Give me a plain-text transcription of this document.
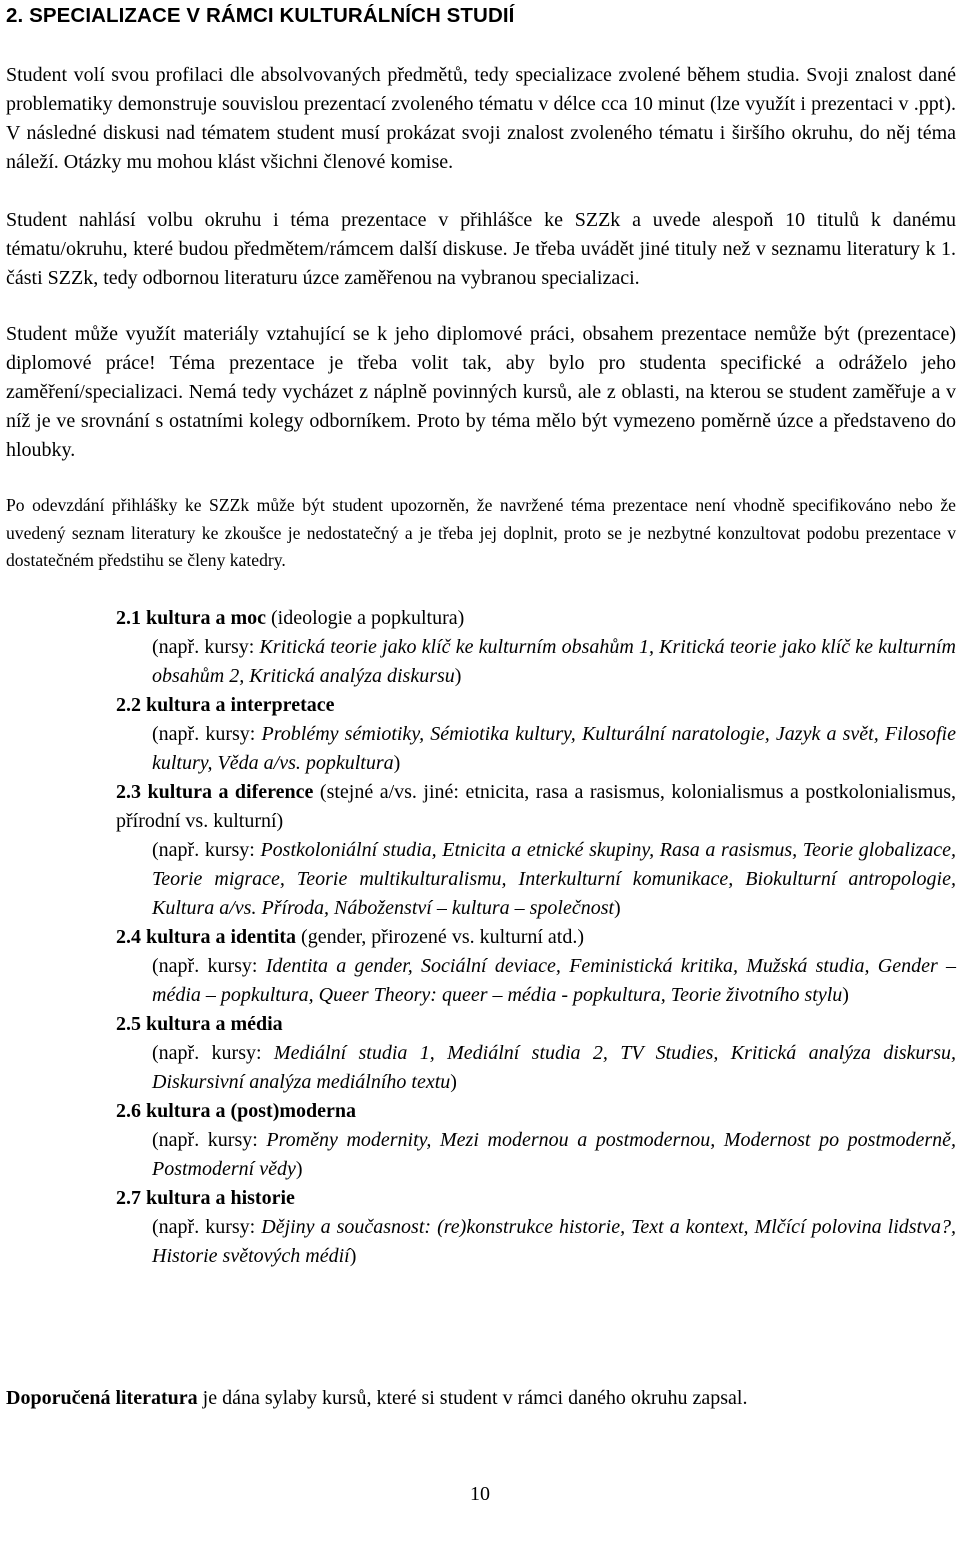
2. SPECIALIZACE V RÁMCI KULTURÁLNÍCH STUDIÍ

Student volí svou profilaci dle absolvovaných předmětů, tedy specializace zvolené během studia. Svoji znalost dané problematiky demonstruje souvislou prezentací zvoleného tématu v délce cca 10 minut (lze využít i prezentaci v .ppt). V následné diskusi nad tématem student musí prokázat svoji znalost zvoleného tématu i širšího okruhu, do něj téma náleží. Otázky mu mohou klást všichni členové komise.

Student nahlásí volbu okruhu i téma prezentace v přihlášce ke SZZk a uvede alespoň 10 titulů k danému tématu/okruhu, které budou předmětem/rámcem další diskuse. Je třeba uvádět jiné tituly než v seznamu literatury k 1. části SZZk, tedy odbornou literaturu úzce zaměřenou na vybranou specializaci.

Student může využít materiály vztahující se k jeho diplomové práci, obsahem prezentace nemůže být (prezentace) diplomové práce! Téma prezentace je třeba volit tak, aby bylo pro studenta specifické a odráželo jeho zaměření/specializaci. Nemá tedy vycházet z náplně povinných kursů, ale z oblasti, na kterou se student zaměřuje a v níž je ve srovnání s ostatními kolegy odborníkem. Proto by téma mělo být vymezeno poměrně úzce a představeno do hloubky.

Po odevzdání přihlášky ke SZZk může být student upozorněn, že navržené téma prezentace není vhodně specifikováno nebo že uvedený seznam literatury ke zkoušce je nedostatečný a je třeba jej doplnit, proto se je nezbytné konzultovat podobu prezentace v dostatečném předstihu se členy katedry.

2.1 kultura a moc (ideologie a popkultura)

(např. kursy: Kritická teorie jako klíč ke kulturním obsahům 1, Kritická teorie jako klíč ke kulturním obsahům 2, Kritická analýza diskursu)

2.2 kultura a interpretace

(např. kursy: Problémy sémiotiky, Sémiotika kultury, Kulturální naratologie, Jazyk a svět, Filosofie kultury, Věda a/vs. popkultura)

2.3 kultura a diference (stejné a/vs. jiné: etnicita, rasa a rasismus, kolonialismus a postkolonialismus, přírodní vs. kulturní)

(např. kursy: Postkoloniální studia, Etnicita a etnické skupiny, Rasa a rasismus, Teorie globalizace, Teorie migrace, Teorie multikulturalismu, Interkulturní komunikace, Biokulturní antropologie, Kultura a/vs. Příroda, Náboženství – kultura – společnost)

2.4 kultura a identita (gender, přirozené vs. kulturní atd.)

(např. kursy: Identita a gender, Sociální deviace, Feministická kritika, Mužská studia, Gender – média – popkultura, Queer Theory: queer – média - popkultura, Teorie životního stylu)

2.5 kultura a média

(např. kursy: Mediální studia 1, Mediální studia 2, TV Studies, Kritická analýza diskursu, Diskursivní analýza mediálního textu)

2.6 kultura a (post)moderna

(např. kursy: Proměny modernity, Mezi modernou a postmodernou, Modernost po postmoderně, Postmoderní vědy)

2.7 kultura a historie

(např. kursy: Dějiny a současnost: (re)konstrukce historie, Text a kontext, Mlčící polovina lidstva?, Historie světových médií)

Doporučená literatura je dána sylaby kursů, které si student v rámci daného okruhu zapsal.

10
